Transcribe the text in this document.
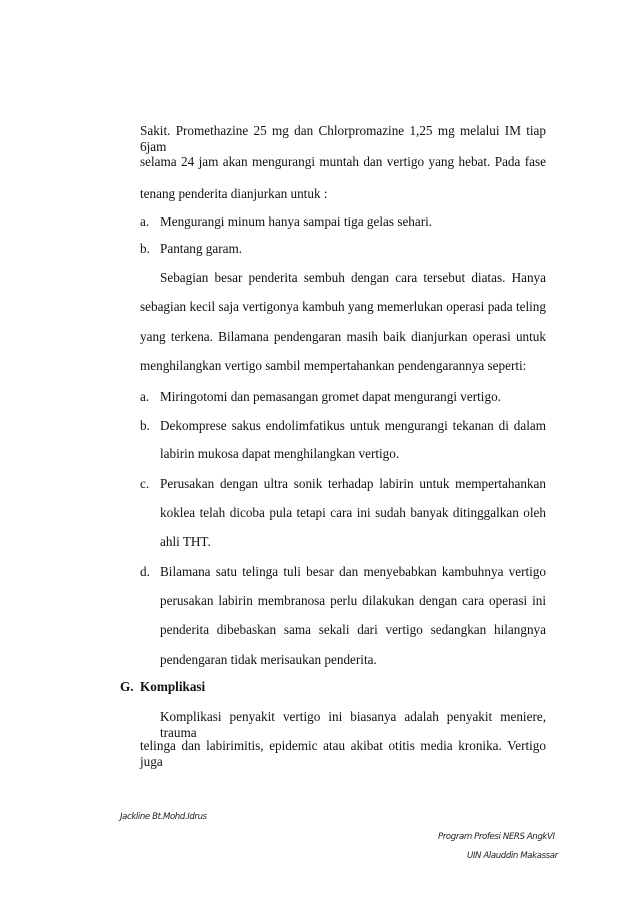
Sakit. Promethazine 25 mg dan Chlorpromazine 1,25 mg melalui IM tiap 6jam
selama 24 jam akan mengurangi muntah dan vertigo yang hebat. Pada fase
tenang penderita dianjurkan untuk :
a. Mengurangi minum hanya sampai tiga gelas sehari.
b. Pantang garam.
Sebagian besar penderita sembuh dengan cara tersebut diatas. Hanya
sebagian kecil saja vertigonya kambuh yang memerlukan operasi pada teling
yang terkena. Bilamana pendengaran masih baik dianjurkan operasi untuk
menghilangkan vertigo sambil mempertahankan pendengarannya seperti:
a. Miringotomi dan pemasangan gromet dapat mengurangi vertigo.
b. Dekomprese sakus endolimfatikus untuk mengurangi tekanan di dalam
labirin mukosa dapat menghilangkan vertigo.
c. Perusakan dengan ultra sonik terhadap labirin untuk mempertahankan
koklea telah dicoba pula tetapi cara ini sudah banyak ditinggalkan oleh
ahli THT.
d. Bilamana satu telinga tuli besar dan menyebabkan kambuhnya vertigo
perusakan labirin membranosa perlu dilakukan dengan cara operasi ini
penderita dibebaskan sama sekali dari vertigo sedangkan hilangnya
pendengaran tidak merisaukan penderita.
G. Komplikasi
Komplikasi penyakit vertigo ini biasanya adalah penyakit meniere, trauma
telinga dan labirimitis, epidemic atau akibat otitis media kronika. Vertigo juga
Jackline Bt.Mohd.Idrus
Program Profesi NERS AngkVI
UIN Alauddin Makassar
